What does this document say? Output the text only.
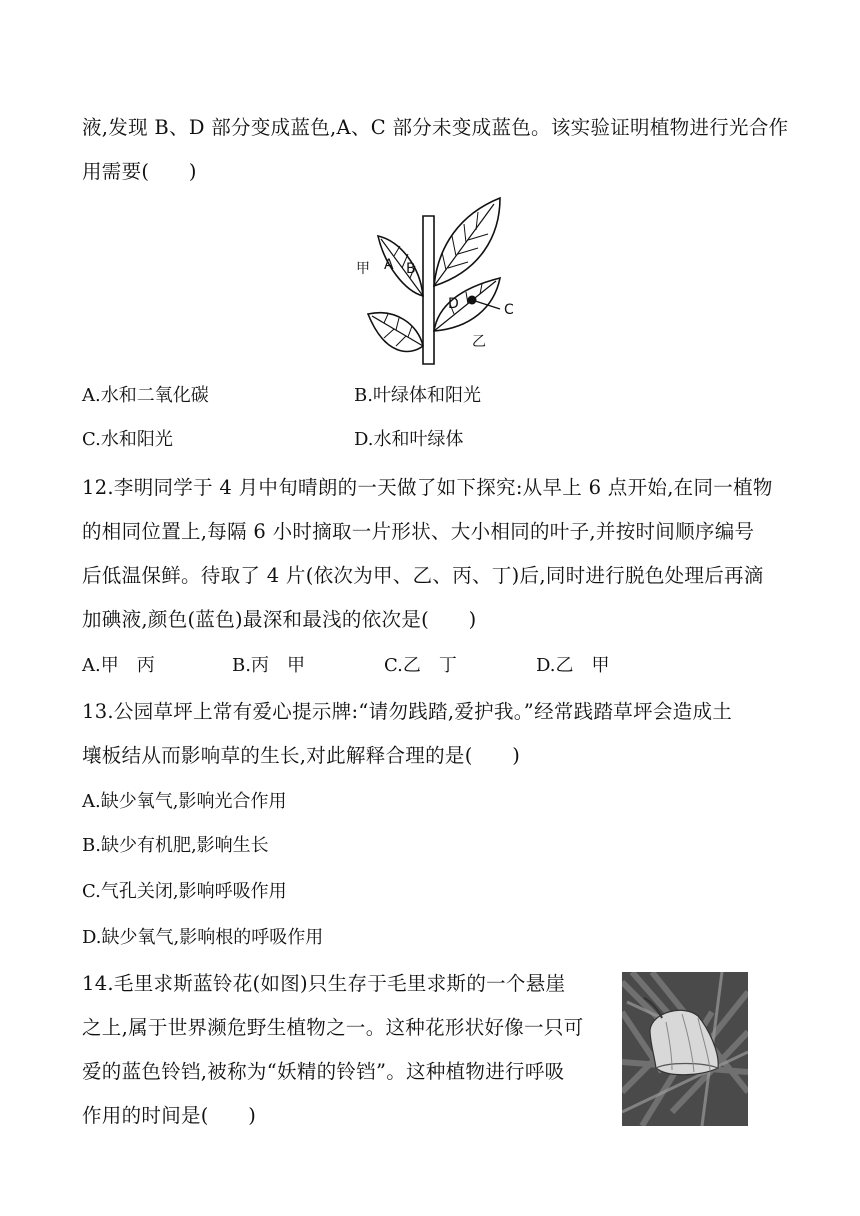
液,发现 B、D 部分变成蓝色,A、C 部分未变成蓝色。该实验证明植物进行光合作
用需要(　　)
甲 A B
D	C
乙
A.水和二氧化碳	B.叶绿体和阳光
C.水和阳光	D.水和叶绿体
12.李明同学于 4 月中旬晴朗的一天做了如下探究:从早上 6 点开始,在同一植物
的相同位置上,每隔 6 小时摘取一片形状、大小相同的叶子,并按时间顺序编号
后低温保鲜。待取了 4 片(依次为甲、乙、丙、丁)后,同时进行脱色处理后再滴
加碘液,颜色(蓝色)最深和最浅的依次是(　　)
A.甲　丙	B.丙　甲	C.乙　丁	D.乙　甲
13.公园草坪上常有爱心提示牌:“请勿践踏,爱护我。”经常践踏草坪会造成土
壤板结从而影响草的生长,对此解释合理的是(　　)
A.缺少氧气,影响光合作用
B.缺少有机肥,影响生长
C.气孔关闭,影响呼吸作用
D.缺少氧气,影响根的呼吸作用
14.毛里求斯蓝铃花(如图)只生存于毛里求斯的一个悬崖
之上,属于世界濒危野生植物之一。这种花形状好像一只可
爱的蓝色铃铛,被称为“妖精的铃铛”。这种植物进行呼吸
作用的时间是(　　)
